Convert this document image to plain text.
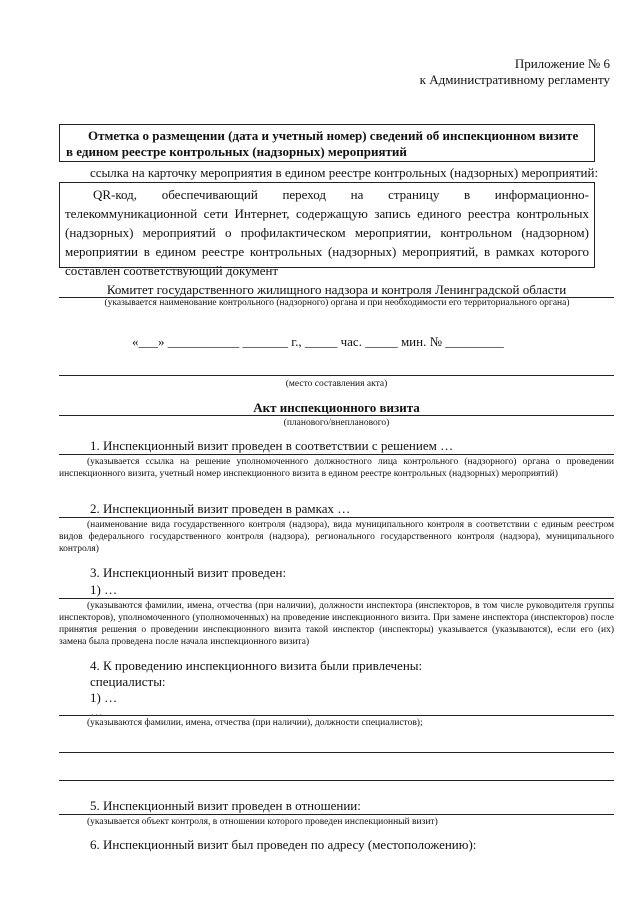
Приложение № 6
к Административному регламенту
Отметка о размещении (дата и учетный номер) сведений об инспекционном визите
в едином реестре контрольных (надзорных) мероприятий
ссылка на карточку мероприятия в едином реестре контрольных (надзорных) мероприятий:
QR-код, обеспечивающий переход на страницу в информационно-телекоммуникационной сети Интернет, содержащую запись единого реестра контрольных (надзорных) мероприятий о профилактическом мероприятии, контрольном (надзорном) мероприятии в едином реестре контрольных (надзорных) мероприятий, в рамках которого составлен соответствующий документ
Комитет государственного жилищного надзора и контроля Ленинградской области
(указывается наименование контрольного (надзорного) органа и при необходимости его территориального органа)
«___» ___________ _______ г., _____ час. _____ мин. № _________
(место составления акта)
Акт инспекционного визита
(планового/внепланового)
1. Инспекционный визит проведен в соответствии с решением …
(указывается ссылка на решение уполномоченного должностного лица контрольного (надзорного) органа о проведении инспекционного визита, учетный номер инспекционного визита в едином реестре контрольных (надзорных) мероприятий)
2. Инспекционный визит проведен в рамках …
(наименование вида государственного контроля (надзора), вида муниципального контроля в соответствии с единым реестром видов федерального государственного контроля (надзора), регионального государственного контроля (надзора), муниципального контроля)
3. Инспекционный визит проведен:
1) …
(указываются фамилии, имена, отчества (при наличии), должности инспектора (инспекторов, в том числе руководителя группы инспекторов), уполномоченного (уполномоченных) на проведение инспекционного визита. При замене инспектора (инспекторов) после принятия решения о проведении инспекционного визита такой инспектор (инспекторы) указывается (указываются), если его (их) замена была проведена после начала инспекционного визита)
4. К проведению инспекционного визита были привлечены:
специалисты:
1) …
…
(указываются фамилии, имена, отчества (при наличии), должности специалистов);
5. Инспекционный визит проведен в отношении:
(указывается объект контроля, в отношении которого проведен инспекционный визит)
6. Инспекционный визит был проведен по адресу (местоположению):
